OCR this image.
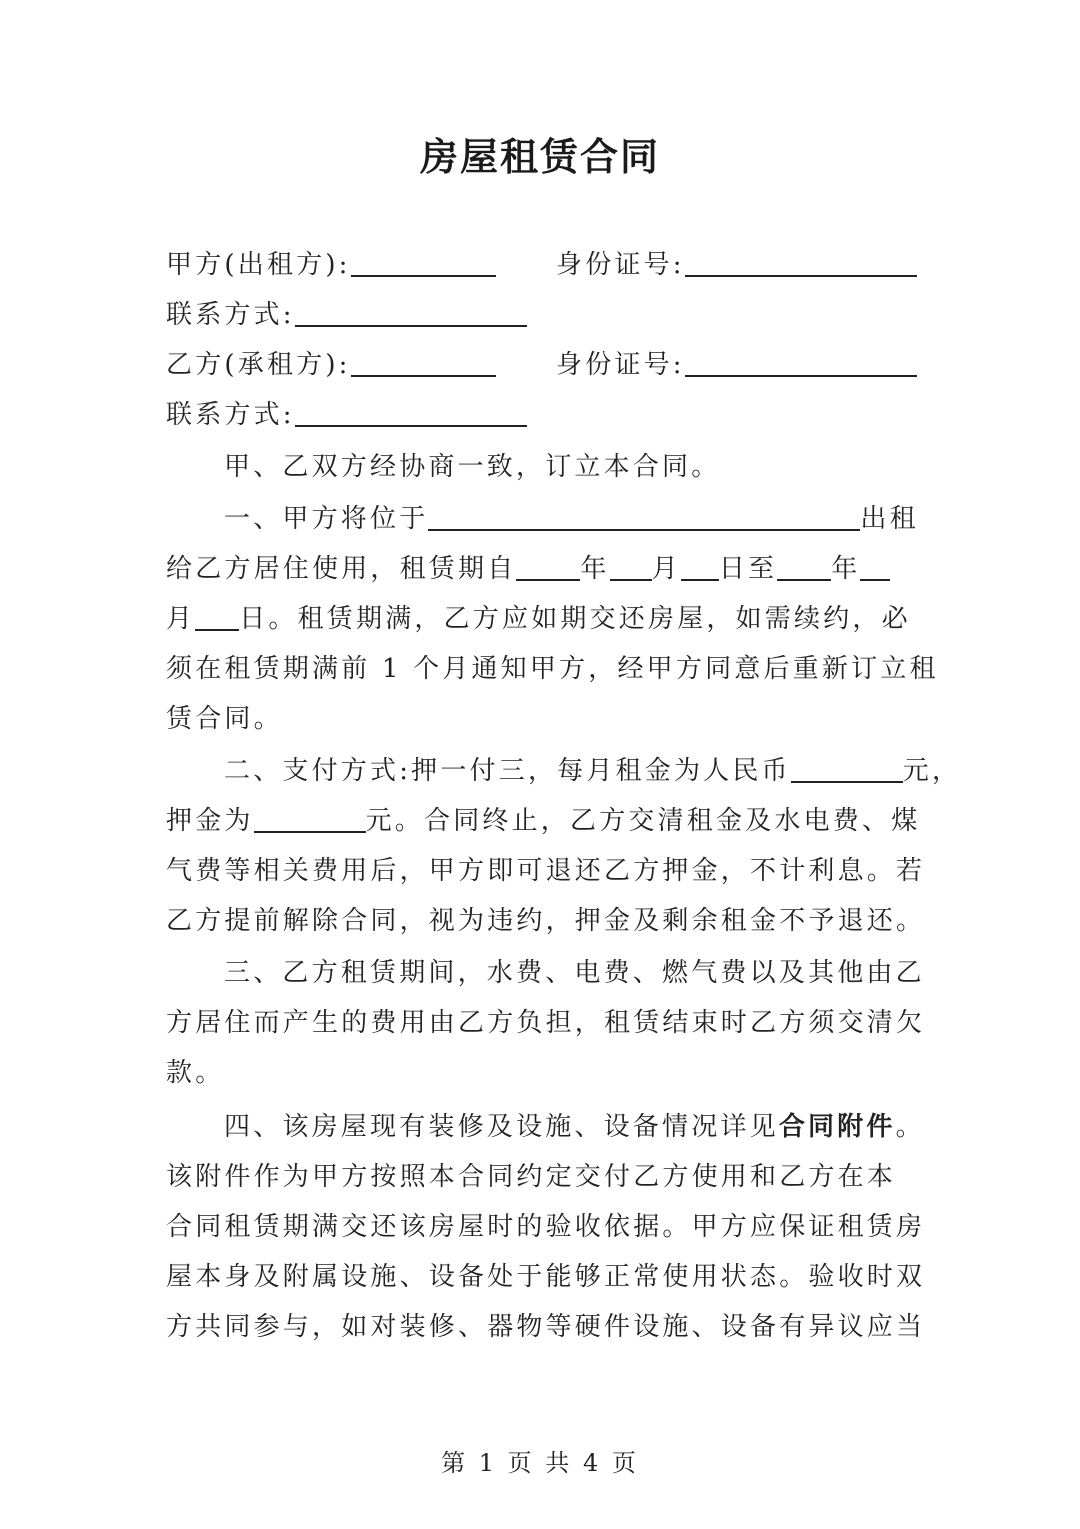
房屋租赁合同
甲方(出租方):	身份证号:
联系方式:
乙方(承租方):	身份证号:
联系方式:
甲、乙双方经协商一致，订立本合同。
一、甲方将位于	出租
给乙方居住使用，租赁期自 年 月 日至 年
月 日。租赁期满，乙方应如期交还房屋，如需续约，必
须在租赁期满前 1 个月通知甲方，经甲方同意后重新订立租
赁合同。
二、支付方式:押一付三，每月租金为人民币	元，
押金为	元。合同终止，乙方交清租金及水电费、煤
气费等相关费用后，甲方即可退还乙方押金，不计利息。若
乙方提前解除合同，视为违约，押金及剩余租金不予退还。
三、乙方租赁期间，水费、电费、燃气费以及其他由乙
方居住而产生的费用由乙方负担，租赁结束时乙方须交清欠
款。
四、该房屋现有装修及设施、设备情况详见合同附件。
该附件作为甲方按照本合同约定交付乙方使用和乙方在本
合同租赁期满交还该房屋时的验收依据。甲方应保证租赁房
屋本身及附属设施、设备处于能够正常使用状态。验收时双
方共同参与，如对装修、器物等硬件设施、设备有异议应当
第 1 页 共 4 页
